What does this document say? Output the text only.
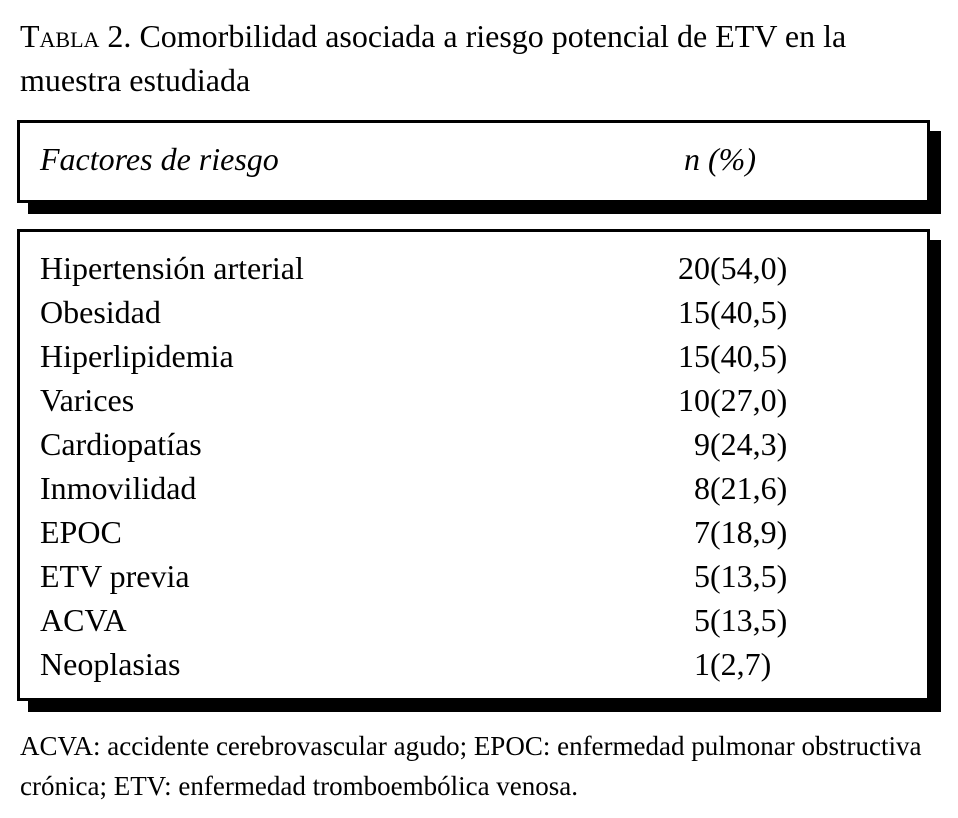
Tabla 2. Comorbilidad asociada a riesgo potencial de ETV en la muestra estudiada
Factores de riesgo	n (%)
Hipertensión arterial	20 (54,0)
Obesidad	15 (40,5)
Hiperlipidemia	15 (40,5)
Varices	10 (27,0)
Cardiopatías	9 (24,3)
Inmovilidad	8 (21,6)
EPOC	7 (18,9)
ETV previa	5 (13,5)
ACVA	5 (13,5)
Neoplasias	1 (2,7)
ACVA: accidente cerebrovascular agudo; EPOC: enfermedad pulmonar obstructiva crónica; ETV: enfermedad tromboembólica venosa.
